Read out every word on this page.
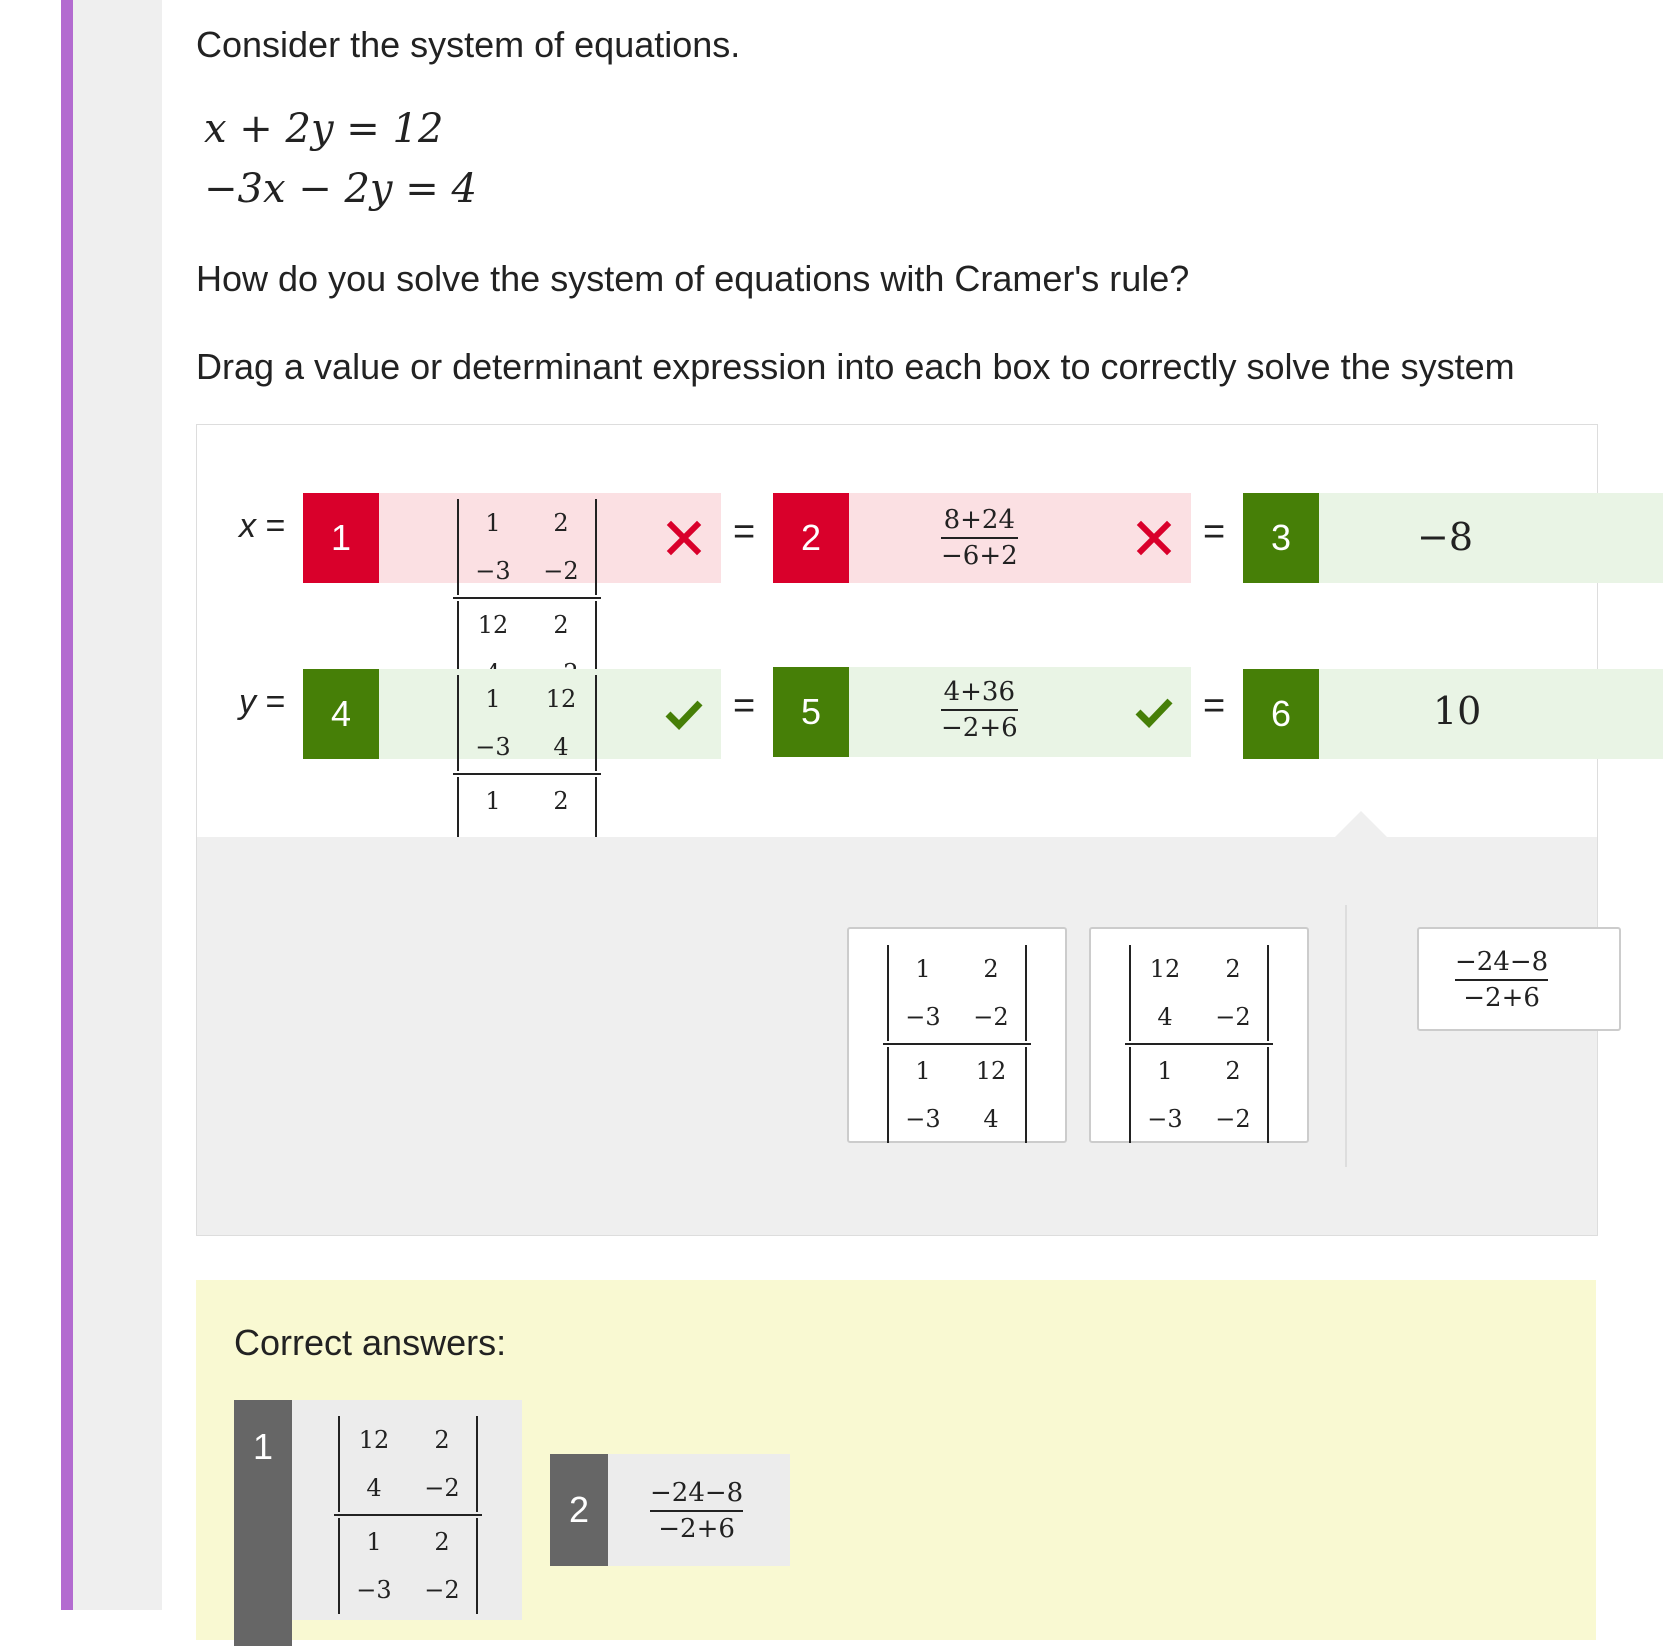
Consider the system of equations.
x + 2y = 12
−3x − 2y = 4
How do you solve the system of equations with Cramer's rule?
Drag a value or determinant expression into each box to correctly solve the system
x =	1	1	2
−3	−2
12	2
=	2	8+24
−6+2
=	3	−8
y =	4	1	12
−3	4
1	2
=	5	4+36
−2+6
=	6	10
1	2
−3	−2
1	12
−3	4
12	2
4	−2
1	2
−3	−2
−24−8
−2+6
Correct answers:
1	12	2
4	−2
1	2
−3	−2
2	−24−8
−2+6
